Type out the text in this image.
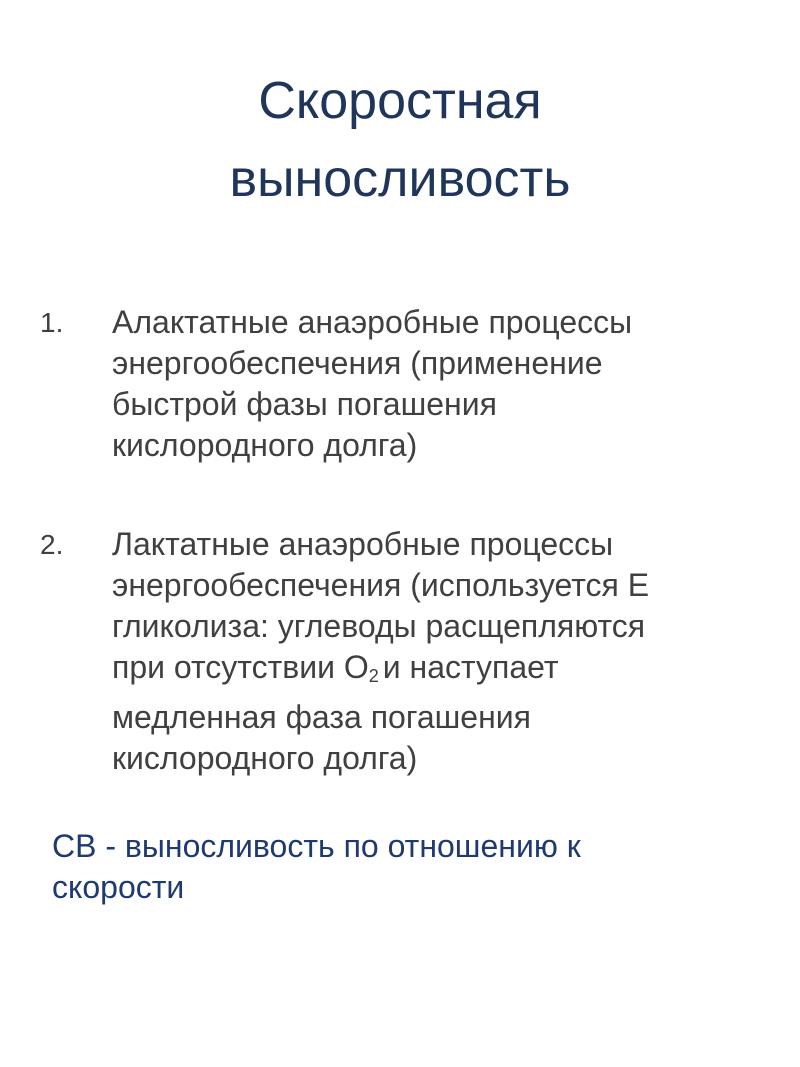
Скоростная
выносливость
1. Алактатные анаэробные процессы
энергообеспечения (применение
быстрой фазы погашения
кислородного долга)
2. Лактатные анаэробные процессы
энергообеспечения (используется Е
гликолиза: углеводы расщепляются
при отсутствии $О_2$ и наступает
медленная фаза погашения
кислородного долга)
СВ - выносливость по отношению к
скорости
